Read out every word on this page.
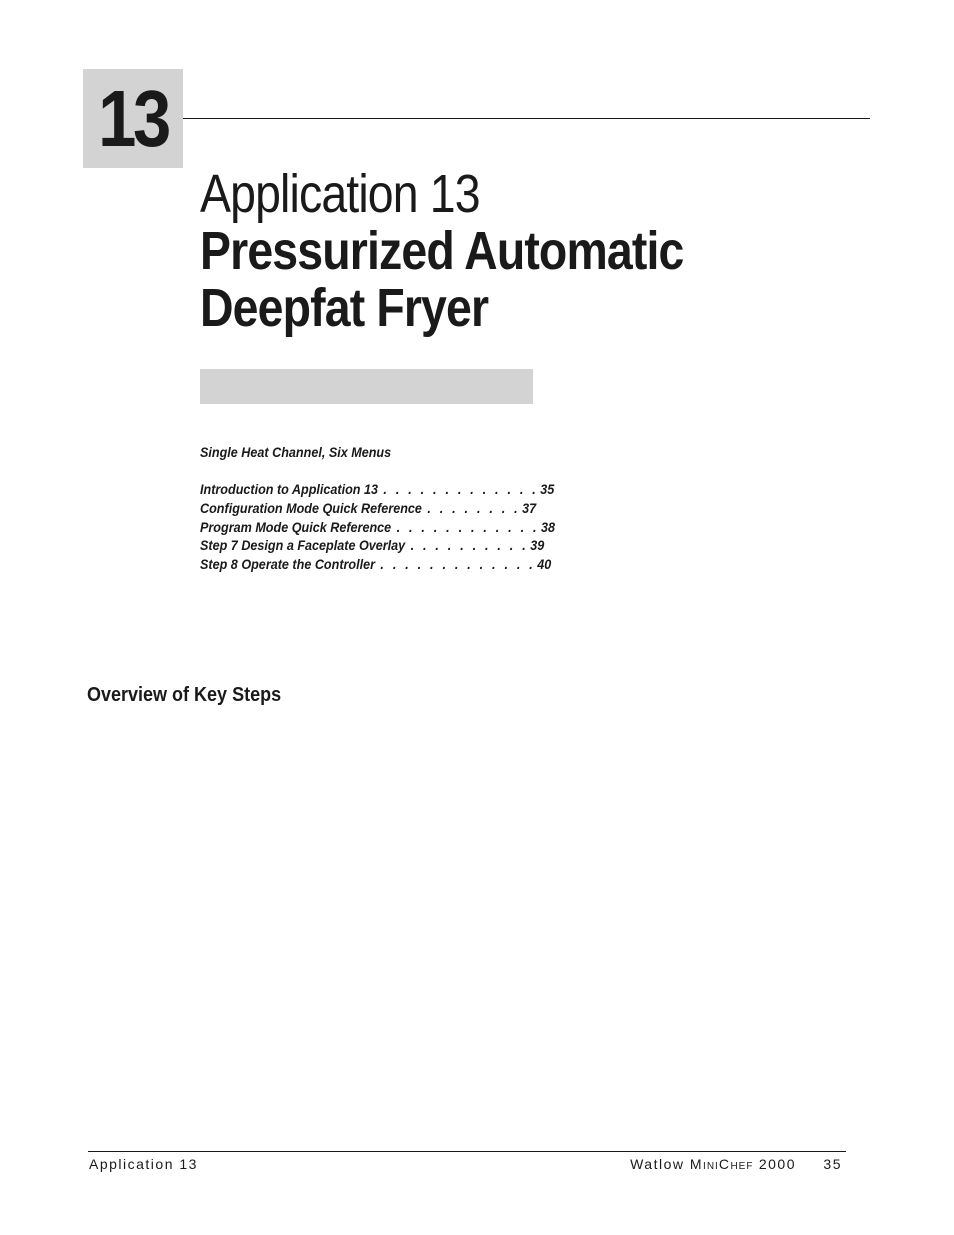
13
Application 13
Pressurized Automatic
Deepfat Fryer
Single Heat Channel, Six Menus
Introduction to Application 13 . . . . . . . . . . . . . 35
Configuration Mode Quick Reference . . . . . . . . 37
Program Mode Quick Reference . . . . . . . . . . . . 38
Step 7 Design a Faceplate Overlay . . . . . . . . . . 39
Step 8 Operate the Controller . . . . . . . . . . . . . 40
Overview of Key Steps
Application 13	Watlow MINICHEF 2000 35
